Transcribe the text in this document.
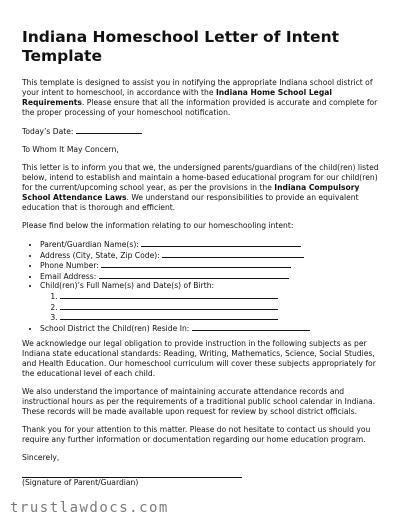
Indiana Homeschool Letter of Intent Template

This template is designed to assist you in notifying the appropriate Indiana school district of your intent to homeschool, in accordance with the Indiana Home School Legal Requirements. Please ensure that all the information provided is accurate and complete for the proper processing of your homeschool notification.

Today’s Date:

To Whom It May Concern,

This letter is to inform you that we, the undersigned parents/guardians of the child(ren) listed below, intend to establish and maintain a home-based educational program for our child(ren) for the current/upcoming school year, as per the provisions in the Indiana Compulsory School Attendance Laws. We understand our responsibilities to provide an equivalent education that is thorough and efficient.

Please find below the information relating to our homeschooling intent:

• Parent/Guardian Name(s):
• Address (City, State, Zip Code):
• Phone Number:
• Email Address:
• Child(ren)’s Full Name(s) and Date(s) of Birth:
1.
2.
3.
• School District the Child(ren) Reside In:

We acknowledge our legal obligation to provide instruction in the following subjects as per Indiana state educational standards: Reading, Writing, Mathematics, Science, Social Studies, and Health Education. Our homeschool curriculum will cover these subjects appropriately for the educational level of each child.

We also understand the importance of maintaining accurate attendance records and instructional hours as per the requirements of a traditional public school calendar in Indiana. These records will be made available upon request for review by school district officials.

Thank you for your attention to this matter. Please do not hesitate to contact us should you require any further information or documentation regarding our home education program.

Sincerely,

(Signature of Parent/Guardian)

trustlawdocs.com
